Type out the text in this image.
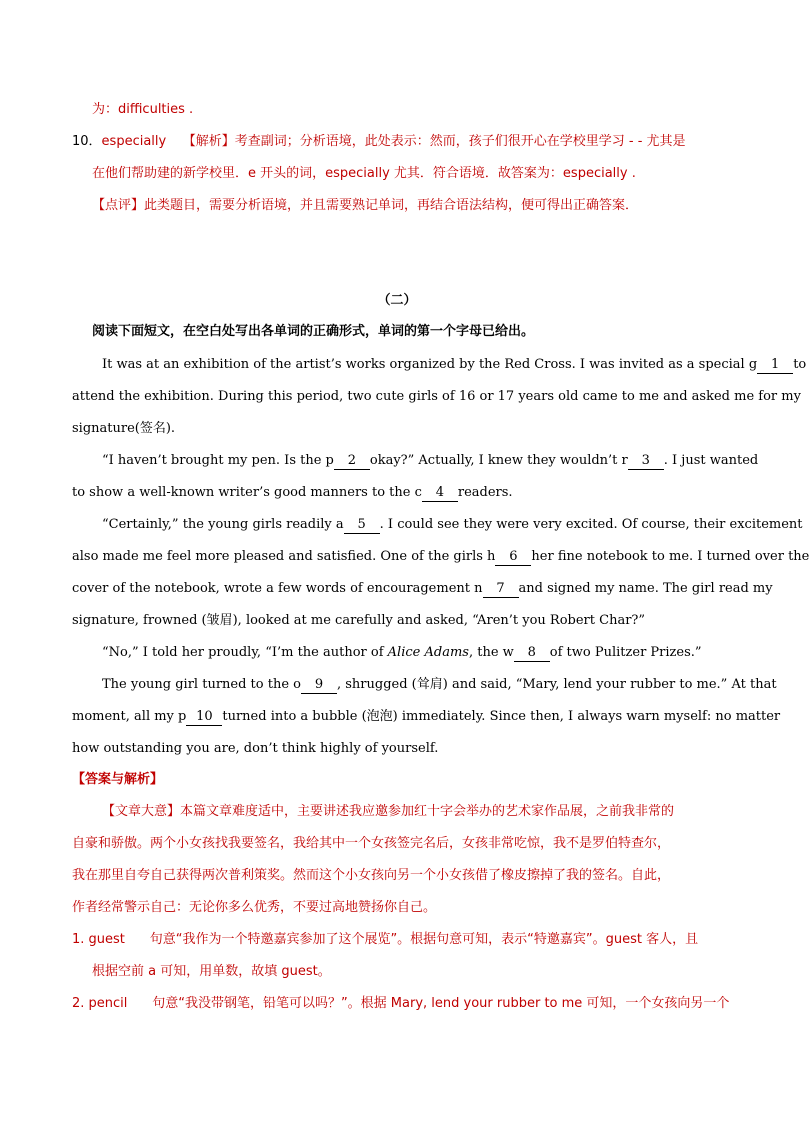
为：difficulties .
10．especially 【解析】考查副词；分析语境，此处表示：然而，孩子们很开心在学校里学习 - - 尤其是
在他们帮助建的新学校里．e 开头的词，especially 尤其．符合语境．故答案为：especially .
【点评】此类题目，需要分析语境，并且需要熟记单词，再结合语法结构，便可得出正确答案．
（二）
阅读下面短文，在空白处写出各单词的正确形式，单词的第一个字母已给出。
It was at an exhibition of the artist’s works organized by the Red Cross. I was invited as a special g 1 to
attend the exhibition. During this period, two cute girls of 16 or 17 years old came to me and asked me for my
signature(签名).
“I haven’t brought my pen. Is the p 2 okay?” Actually, I knew they wouldn’t r 3 . I just wanted
to show a well-known writer’s good manners to the c 4 readers.
“Certainly,” the young girls readily a 5 . I could see they were very excited. Of course, their excitement
also made me feel more pleased and satisfied. One of the girls h 6 her fine notebook to me. I turned over the
cover of the notebook, wrote a few words of encouragement n 7 and signed my name. The girl read my
signature, frowned (皱眉), looked at me carefully and asked, “Aren’t you Robert Char?”
“No,” I told her proudly, “I’m the author of Alice Adams, the w 8 of two Pulitzer Prizes.”
The young girl turned to the o 9 , shrugged (耸肩) and said, “Mary, lend your rubber to me.” At that
moment, all my p 10 turned into a bubble (泡泡) immediately. Since then, I always warn myself: no matter
how outstanding you are, don’t think highly of yourself.
【答案与解析】
【文章大意】本篇文章难度适中，主要讲述我应邀参加红十字会举办的艺术家作品展，之前我非常的
自豪和骄傲。两个小女孩找我要签名，我给其中一个女孩签完名后，女孩非常吃惊，我不是罗伯特查尔，
我在那里自夸自己获得两次普利策奖。然而这个小女孩向另一个小女孩借了橡皮擦掉了我的签名。自此，
作者经常警示自己：无论你多么优秀，不要过高地赞扬你自己。
1. guest 句意“我作为一个特邀嘉宾参加了这个展览”。根据句意可知，表示“特邀嘉宾”。guest 客人，且
根据空前 a 可知，用单数，故填 guest。
2. pencil 句意“我没带钢笔，铅笔可以吗？”。根据 Mary, lend your rubber to me 可知，一个女孩向另一个
